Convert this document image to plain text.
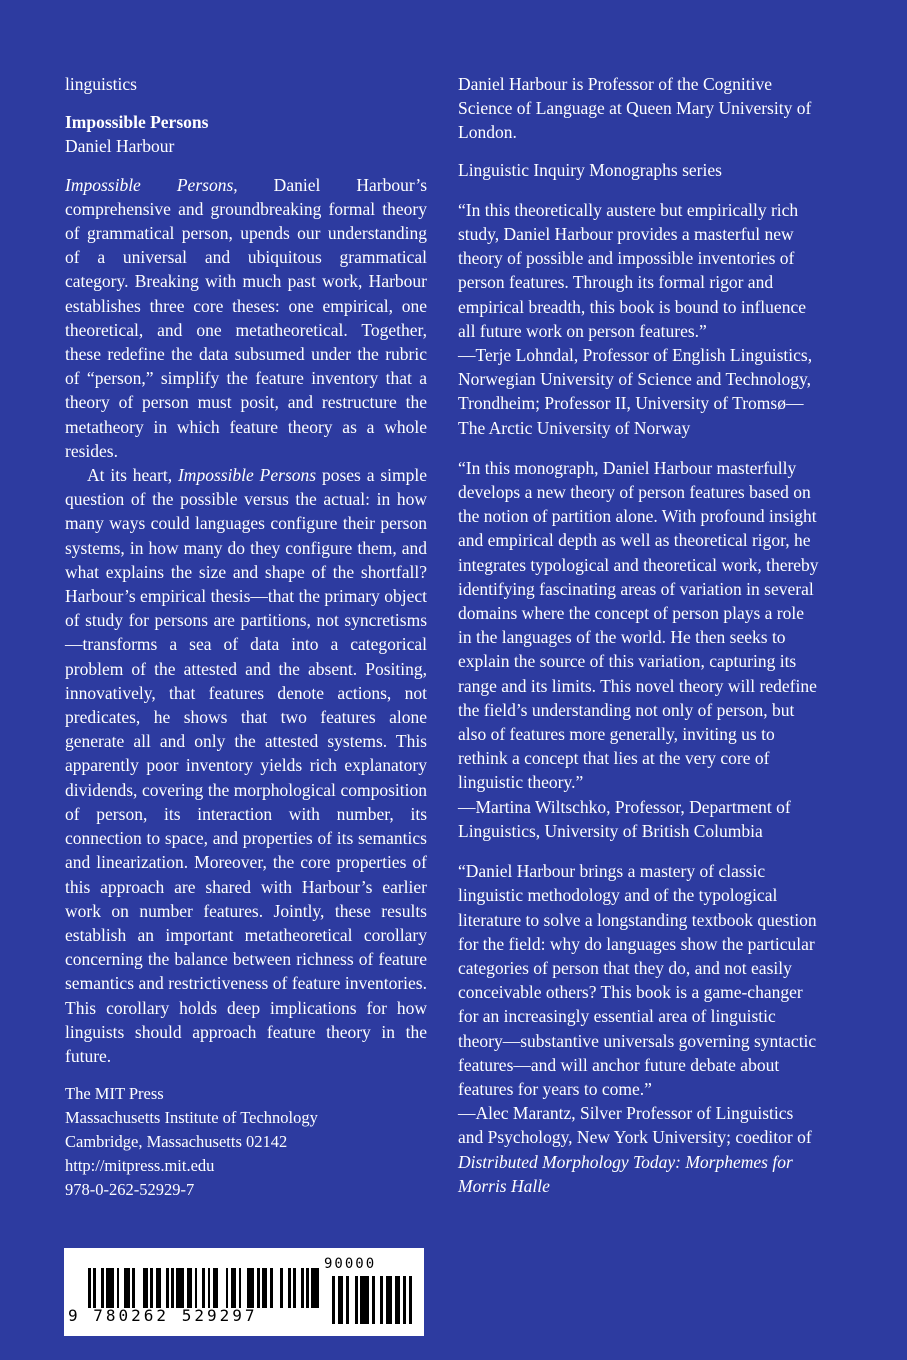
linguistics
Impossible Persons
Daniel Harbour

Impossible Persons, Daniel Harbour’s comprehensive and groundbreaking formal theory of grammatical person, upends our understanding of a universal and ubiquitous grammatical category. Breaking with much past work, Harbour establishes three core theses: one empirical, one theoretical, and one metatheoretical. Together, these redefine the data subsumed under the rubric of “person,” simplify the feature inventory that a theory of person must posit, and restructure the metatheory in which feature theory as a whole resides.

At its heart, Impossible Persons poses a simple question of the possible versus the actual: in how many ways could languages configure their person systems, in how many do they configure them, and what explains the size and shape of the shortfall? Harbour’s empirical thesis—that the primary object of study for persons are partitions, not syncretisms—transforms a sea of data into a categorical problem of the attested and the absent. Positing, innovatively, that features denote actions, not predicates, he shows that two features alone generate all and only the attested systems. This apparently poor inventory yields rich explanatory dividends, covering the morphological composition of person, its interaction with number, its connection to space, and properties of its semantics and linearization. Moreover, the core properties of this approach are shared with Harbour’s earlier work on number features. Jointly, these results establish an important metatheoretical corollary concerning the balance between richness of feature semantics and restrictiveness of feature inventories. This corollary holds deep implications for how linguists should approach feature theory in the future.

The MIT Press
Massachusetts Institute of Technology
Cambridge, Massachusetts 02142
http://mitpress.mit.edu
978-0-262-52929-7

Daniel Harbour is Professor of the Cognitive Science of Language at Queen Mary University of London.

Linguistic Inquiry Monographs series

“In this theoretically austere but empirically rich study, Daniel Harbour provides a masterful new theory of possible and impossible inventories of person features. Through its formal rigor and empirical breadth, this book is bound to influence all future work on person features.”
—Terje Lohndal, Professor of English Linguistics, Norwegian University of Science and Technology, Trondheim; Professor II, University of Tromsø—The Arctic University of Norway
“In this monograph, Daniel Harbour masterfully develops a new theory of person features based on the notion of partition alone. With profound insight and empirical depth as well as theoretical rigor, he integrates typological and theoretical work, thereby identifying fascinating areas of variation in several domains where the concept of person plays a role in the languages of the world. He then seeks to explain the source of this variation, capturing its range and its limits. This novel theory will redefine the field’s understanding not only of person, but also of features more generally, inviting us to rethink a concept that lies at the very core of linguistic theory.”
—Martina Wiltschko, Professor, Department of Linguistics, University of British Columbia
“Daniel Harbour brings a mastery of classic linguistic methodology and of the typological literature to solve a longstanding textbook question for the field: why do languages show the particular categories of person that they do, and not easily conceivable others? This book is a game-changer for an increasingly essential area of linguistic theory—substantive universals governing syntactic features—and will anchor future debate about features for years to come.”
—Alec Marantz, Silver Professor of Linguistics and Psychology, New York University; coeditor of Distributed Morphology Today: Morphemes for Morris Halle
9 780262 529297
90000
